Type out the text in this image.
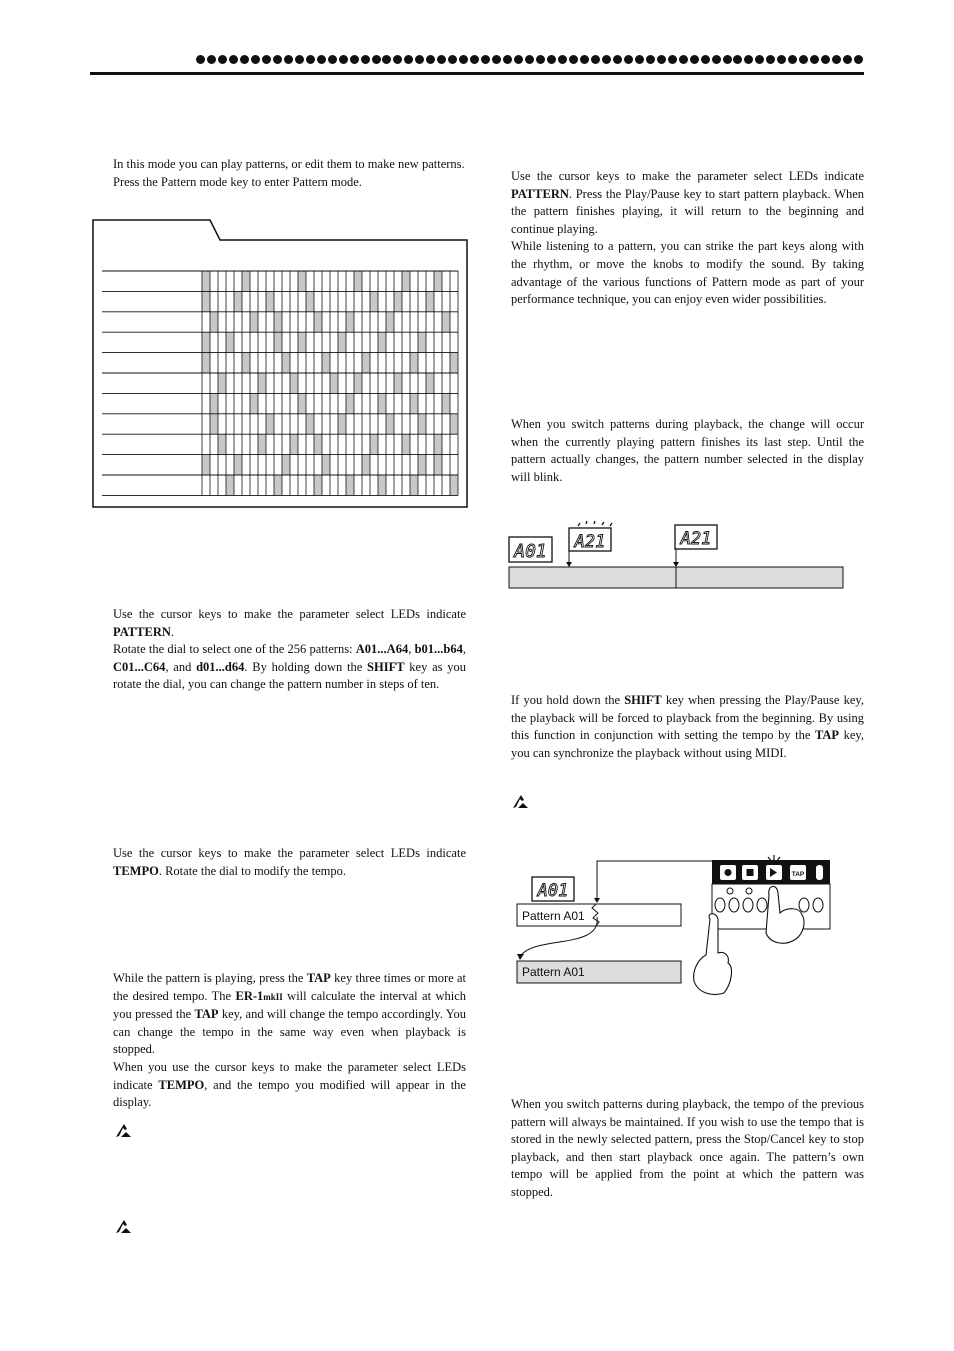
In this mode you can play patterns, or edit them to make new patterns.

Press the Pattern mode key to enter Pattern mode.

Use the cursor keys to make the parameter select LEDs indicate PATTERN.

Rotate the dial to select one of the 256 patterns: A01...A64, b01...b64, C01...C64, and d01...d64. By holding down the SHIFT key as you rotate the dial, you can change the pattern number in steps of ten.

Use the cursor keys to make the parameter select LEDs indicate TEMPO. Rotate the dial to modify the tempo.

While the pattern is playing, press the TAP key three times or more at the desired tempo. The ER-1mkII will calculate the interval at which you pressed the TAP key, and will change the tempo accordingly. You can change the tempo in the same way even when playback is stopped.

When you use the cursor keys to make the parameter select LEDs indicate TEMPO, and the tempo you modified will appear in the display.

Use the cursor keys to make the parameter select LEDs indicate PATTERN. Press the Play/Pause key to start pattern playback. When the pattern finishes playing, it will return to the beginning and continue playing.

While listening to a pattern, you can strike the part keys along with the rhythm, or move the knobs to modify the sound. By taking advantage of the various functions of Pattern mode as part of your performance technique, you can enjoy even wider possibilities.

When you switch patterns during playback, the change will occur when the currently playing pattern finishes its last step. Until the pattern actually changes, the pattern number selected in the display will blink.

A01 A21	A21

If you hold down the SHIFT key when pressing the Play/Pause key, the playback will be forced to playback from the beginning. By using this function in conjunction with setting the tempo by the TAP key, you can synchronize the playback without using MIDI.

A01
TAP
Pattern A01
Pattern A01

When you switch patterns during playback, the tempo of the previous pattern will always be maintained. If you wish to use the tempo that is stored in the newly selected pattern, press the Stop/Cancel key to stop playback, and then start playback once again. The pattern’s own tempo will be applied from the point at which the pattern was stopped.
